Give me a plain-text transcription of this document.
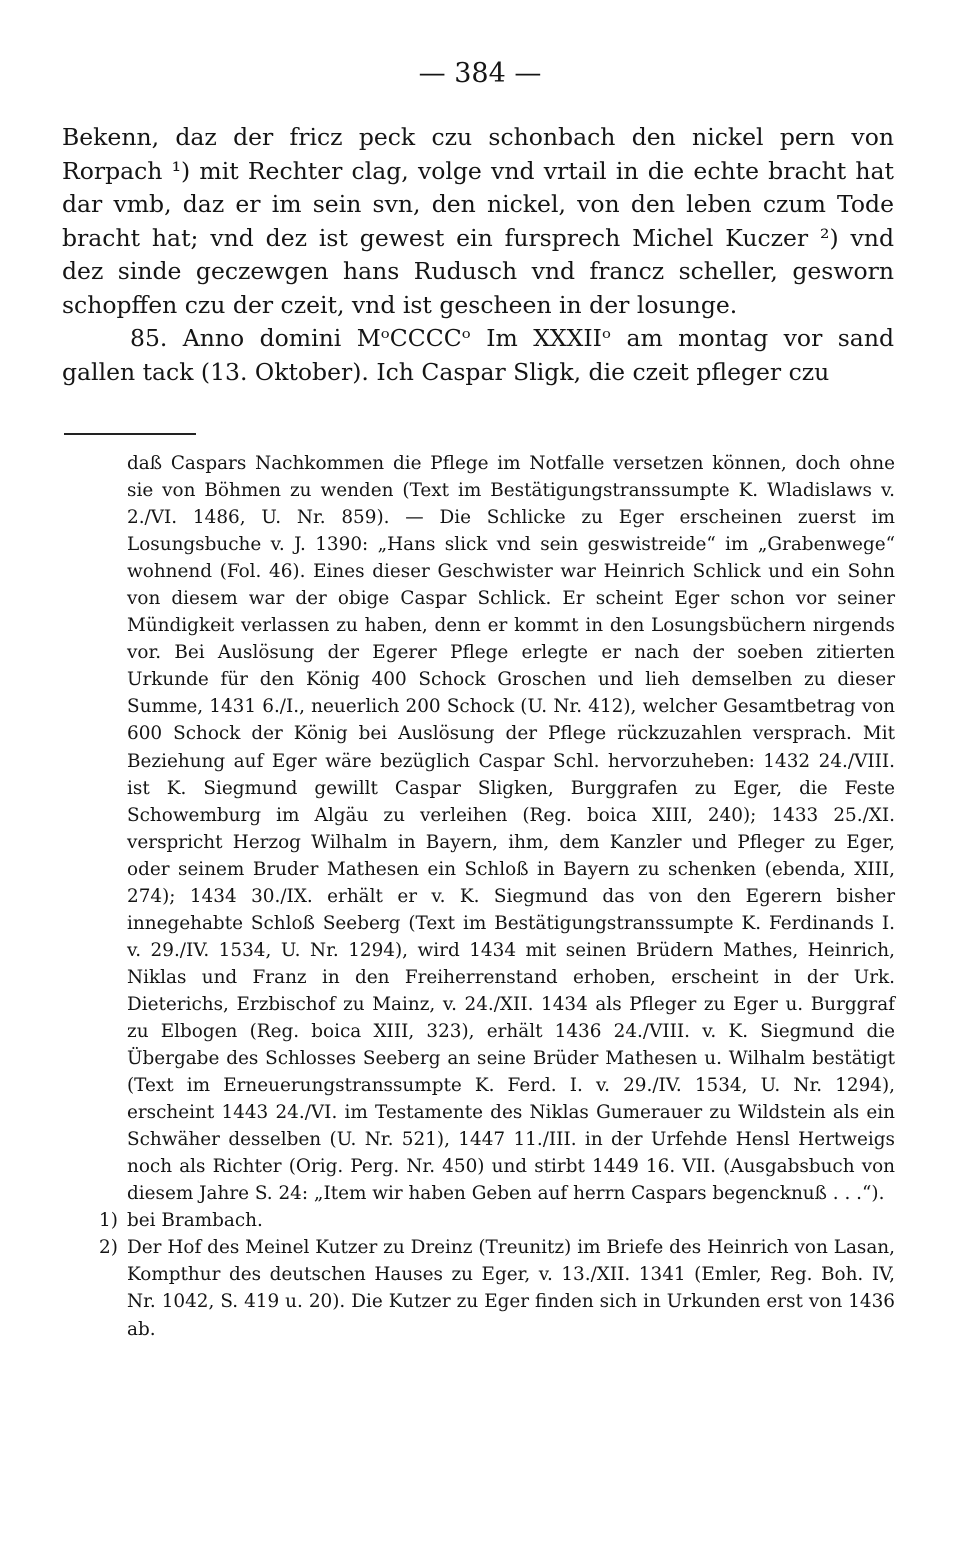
— 384 —

Bekenn, daz der fricz peck czu schonbach den nickel pern von Rorpach ¹) mit Rechter clag, volge vnd vrtail in die echte bracht hat dar vmb, daz er im sein svn, den nickel, von den leben czum Tode bracht hat; vnd dez ist gewest ein fursprech Michel Kuczer ²) vnd dez sinde geczewgen hans Rudusch vnd francz scheller, gesworn schopffen czu der czeit, vnd ist gescheen in der losunge.

85. Anno domini MᵒCCCCᵒ Im XXXIIᵒ am montag vor sand gallen tack (13. Oktober). Ich Caspar Sligk, die czeit pfleger czu

daß Caspars Nachkommen die Pflege im Notfalle versetzen können, doch ohne sie von Böhmen zu wenden (Text im Bestätigungstranssumpte K. Wladislaws v. 2./VI. 1486, U. Nr. 859). — Die Schlicke zu Eger erscheinen zuerst im Losungsbuche v. J. 1390: „Hans slick vnd sein geswistreide“ im „Grabenwege“ wohnend (Fol. 46). Eines dieser Geschwister war Heinrich Schlick und ein Sohn von diesem war der obige Caspar Schlick. Er scheint Eger schon vor seiner Mündigkeit verlassen zu haben, denn er kommt in den Losungsbüchern nirgends vor. Bei Auslösung der Egerer Pflege erlegte er nach der soeben zitierten Urkunde für den König 400 Schock Groschen und lieh demselben zu dieser Summe, 1431 6./I., neuerlich 200 Schock (U. Nr. 412), welcher Gesamtbetrag von 600 Schock der König bei Auslösung der Pflege rückzuzahlen versprach. Mit Beziehung auf Eger wäre bezüglich Caspar Schl. hervorzuheben: 1432 24./VIII. ist K. Siegmund gewillt Caspar Sligken, Burggrafen zu Eger, die Feste Schowemburg im Algäu zu verleihen (Reg. boica XIII, 240); 1433 25./XI. verspricht Herzog Wilhalm in Bayern, ihm, dem Kanzler und Pfleger zu Eger, oder seinem Bruder Mathesen ein Schloß in Bayern zu schenken (ebenda, XIII, 274); 1434 30./IX. erhält er v. K. Siegmund das von den Egerern bisher innegehabte Schloß Seeberg (Text im Bestätigungstranssumpte K. Ferdinands I. v. 29./IV. 1534, U. Nr. 1294), wird 1434 mit seinen Brüdern Mathes, Heinrich, Niklas und Franz in den Freiherrenstand erhoben, erscheint in der Urk. Dieterichs, Erzbischof zu Mainz, v. 24./XII. 1434 als Pfleger zu Eger u. Burggraf zu Elbogen (Reg. boica XIII, 323), erhält 1436 24./VIII. v. K. Siegmund die Übergabe des Schlosses Seeberg an seine Brüder Mathesen u. Wilhalm bestätigt (Text im Erneuerungstranssumpte K. Ferd. I. v. 29./IV. 1534, U. Nr. 1294), erscheint 1443 24./VI. im Testamente des Niklas Gumerauer zu Wildstein als ein Schwäher desselben (U. Nr. 521), 1447 11./III. in der Urfehde Hensl Hertweigs noch als Richter (Orig. Perg. Nr. 450) und stirbt 1449 16. VII. (Ausgabsbuch von diesem Jahre S. 24: „Item wir haben Geben auf herrn Caspars begencknuß . . .“).

1) bei Brambach.

2) Der Hof des Meinel Kutzer zu Dreinz (Treunitz) im Briefe des Heinrich von Lasan, Kompthur des deutschen Hauses zu Eger, v. 13./XII. 1341 (Emler, Reg. Boh. IV, Nr. 1042, S. 419 u. 20). Die Kutzer zu Eger finden sich in Urkunden erst von 1436 ab.
